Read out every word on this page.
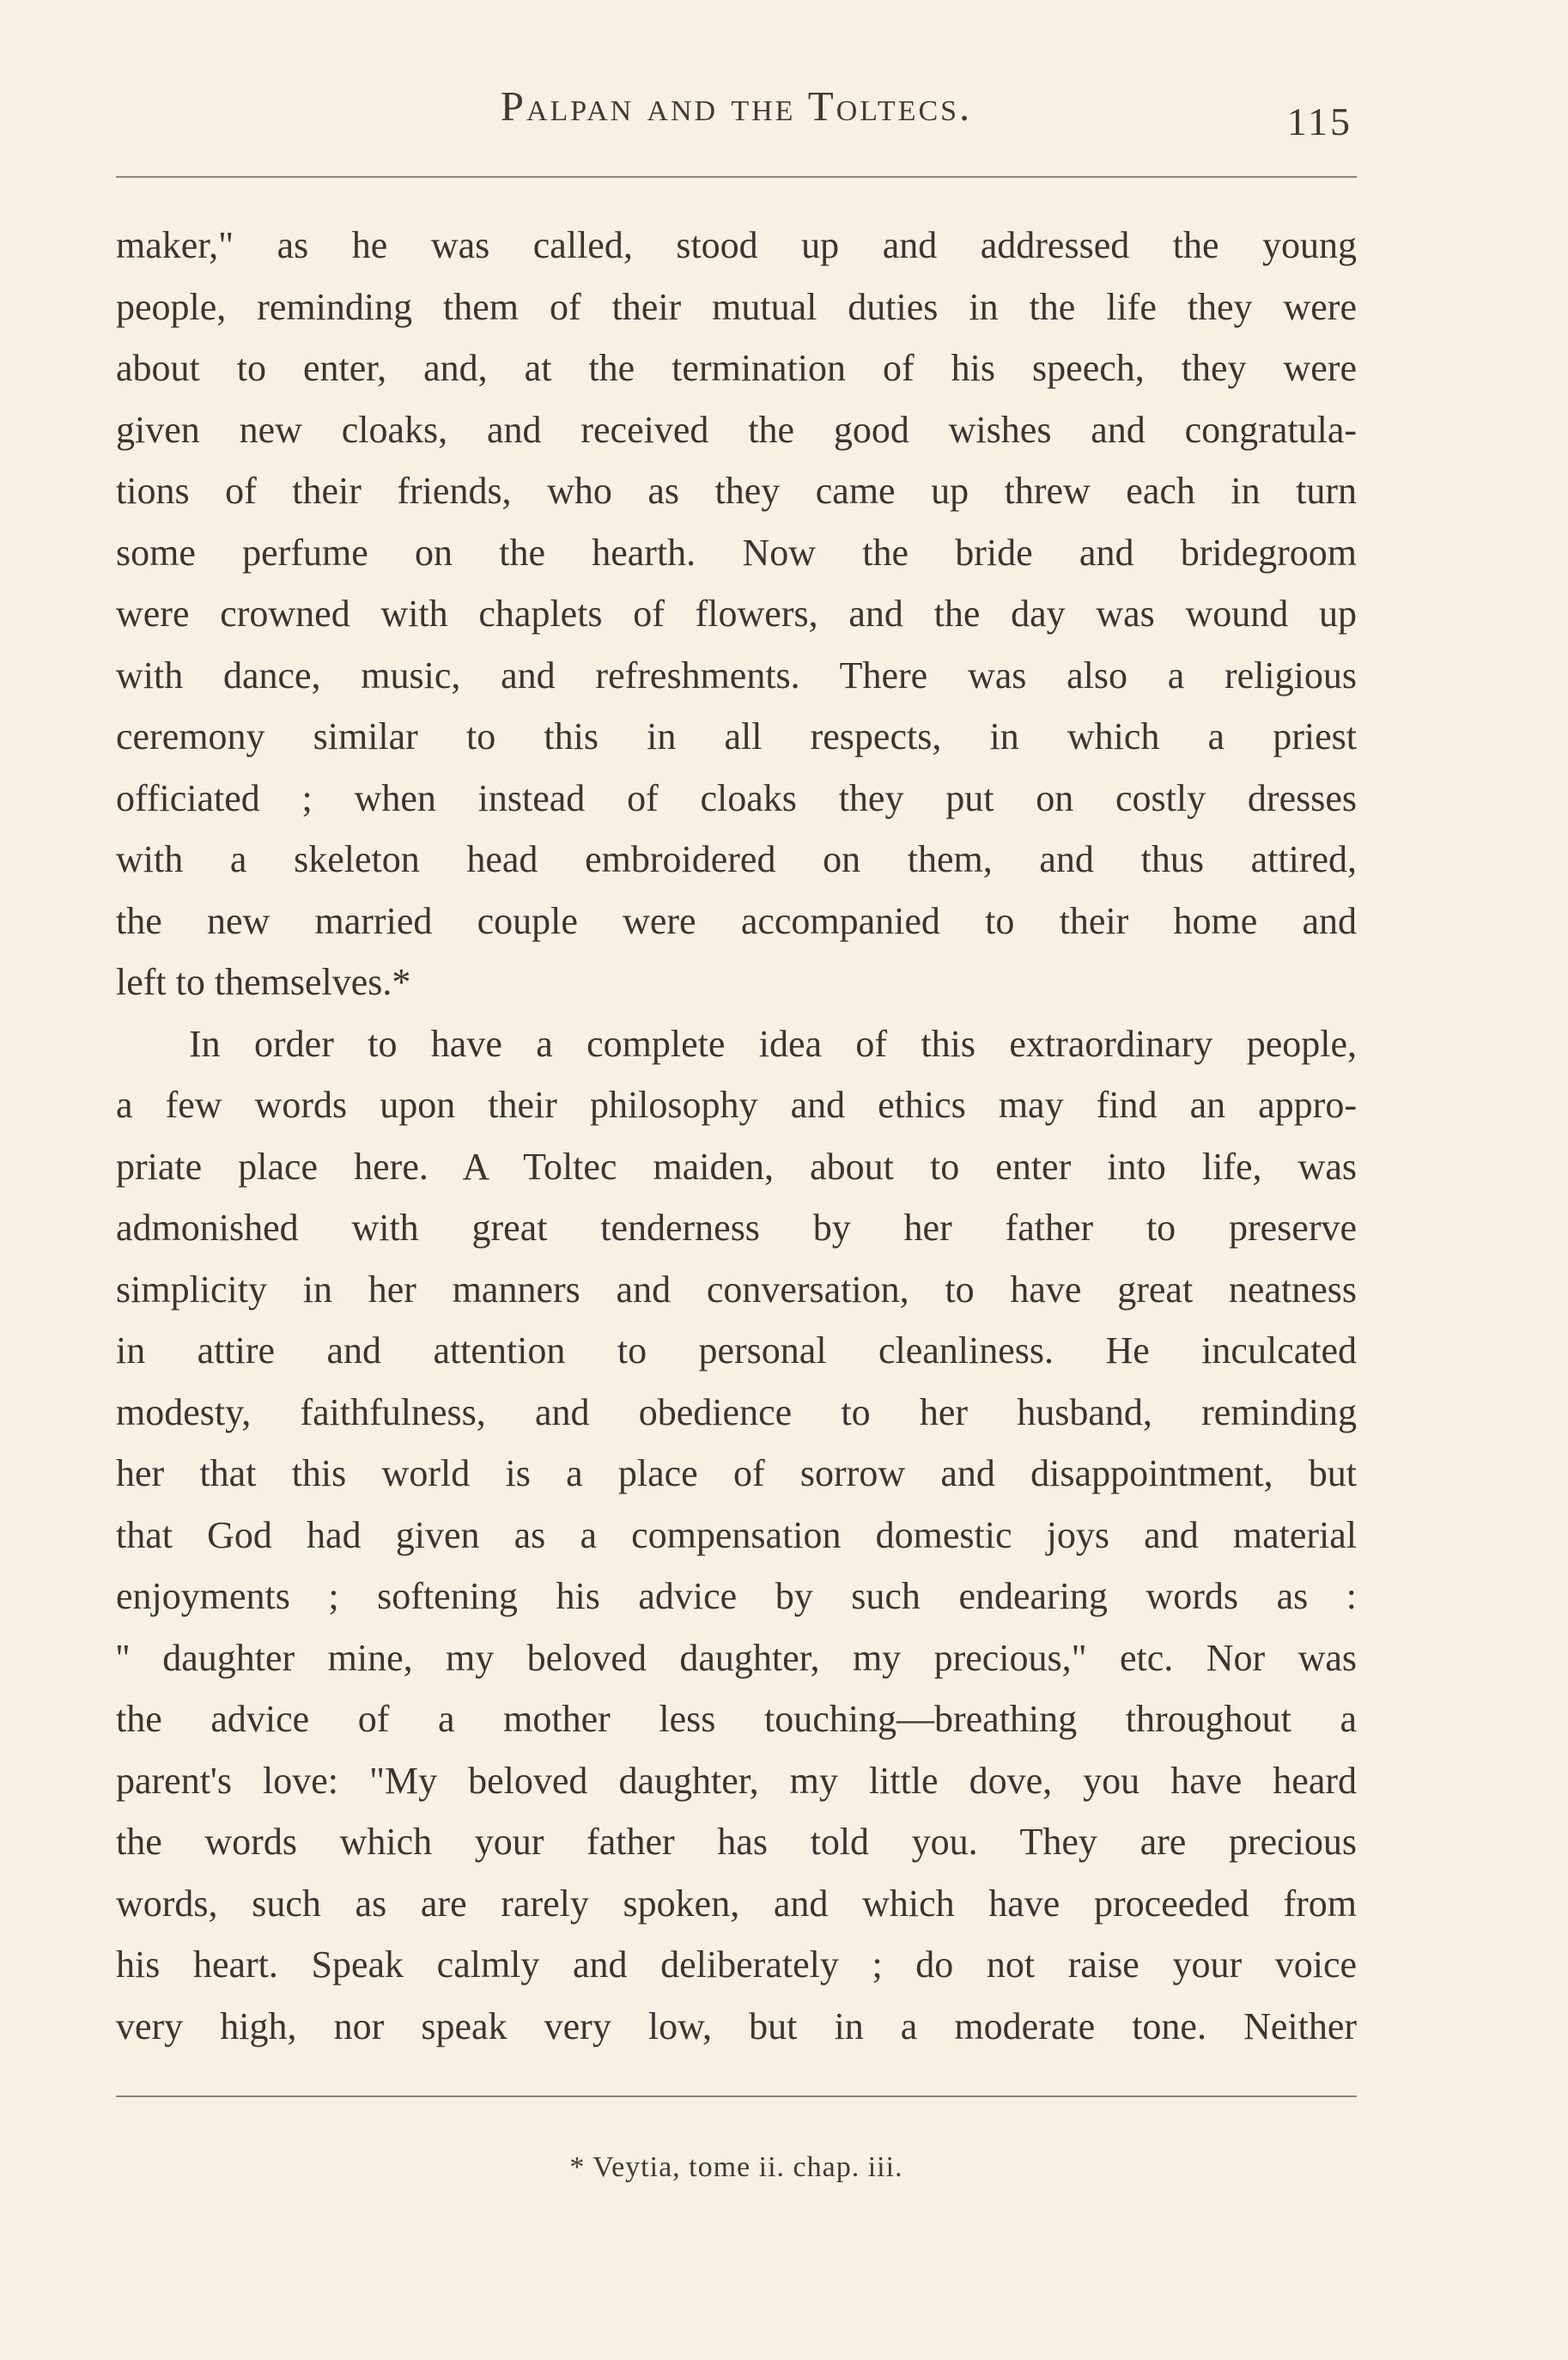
Palpan and the Toltecs.	115
maker," as he was called, stood up and addressed the young
people, reminding them of their mutual duties in the life they were
about to enter, and, at the termination of his speech, they were
given new cloaks, and received the good wishes and congratula-
tions of their friends, who as they came up threw each in turn
some perfume on the hearth. Now the bride and bridegroom
were crowned with chaplets of flowers, and the day was wound up
with dance, music, and refreshments. There was also a religious
ceremony similar to this in all respects, in which a priest
officiated ; when instead of cloaks they put on costly dresses
with a skeleton head embroidered on them, and thus attired,
the new married couple were accompanied to their home and
left to themselves.*
In order to have a complete idea of this extraordinary people,
a few words upon their philosophy and ethics may find an appro-
priate place here. A Toltec maiden, about to enter into life, was
admonished with great tenderness by her father to preserve
simplicity in her manners and conversation, to have great neatness
in attire and attention to personal cleanliness. He inculcated
modesty, faithfulness, and obedience to her husband, reminding
her that this world is a place of sorrow and disappointment, but
that God had given as a compensation domestic joys and material
enjoyments ; softening his advice by such endearing words as :
'' daughter mine, my beloved daughter, my precious," etc. Nor was
the advice of a mother less touching—breathing throughout a
parent's love: "My beloved daughter, my little dove, you have heard
the words which your father has told you. They are precious
words, such as are rarely spoken, and which have proceeded from
his heart. Speak calmly and deliberately ; do not raise your voice
very high, nor speak very low, but in a moderate tone. Neither
* Veytia, tome ii. chap. iii.
